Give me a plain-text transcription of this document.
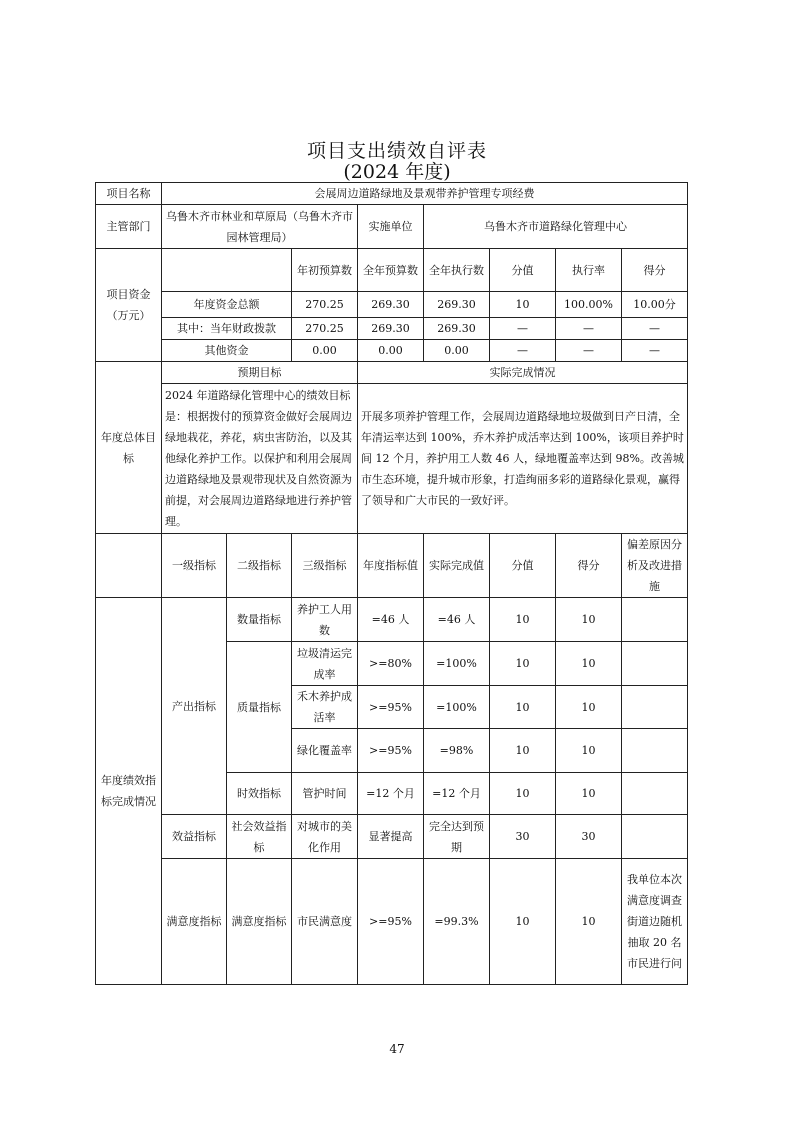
项目支出绩效自评表
(2024 年度)
项目名称	会展周边道路绿地及景观带养护管理专项经费							
主管部门	乌鲁木齐市林业和草原局（乌鲁木齐市园林管理局）			实施单位	乌鲁木齐市道路绿化管理中心			
项目资金（万元）			年初预算数	全年预算数	全年执行数	分值	执行率	得分
	年度资金总额		270.25	269.30	269.30	10	100.00%	10.00分
	其中：当年财政拨款		270.25	269.30	269.30	—	—	—
	其他资金		0.00	0.00	0.00	—	—	—
年度总体目标	预期目标			实际完成情况				
	2024 年道路绿化管理中心的绩效目标是：根据拨付的预算资金做好会展周边绿地栽花，养花，病虫害防治，以及其他绿化养护工作。以保护和利用会展周边道路绿地及景观带现状及自然资源为前提，对会展周边道路绿地进行养护管理。			开展多项养护管理工作，会展周边道路绿地垃圾做到日产日清，全年清运率达到 100%，乔木养护成活率达到 100%，该项目养护时间 12 个月，养护用工人数 46 人，绿地覆盖率达到 98%。改善城市生态环境，提升城市形象，打造绚丽多彩的道路绿化景观，赢得了领导和广大市民的一致好评。				
	一级指标	二级指标	三级指标	年度指标值	实际完成值	分值	得分	偏差原因分析及改进措施
年度绩效指标完成情况	产出指标	数量指标	养护工人用数	=46 人	=46 人	10	10	
		质量指标	垃圾清运完成率	>=80%	=100%	10	10	
			禾木养护成活率	>=95%	=100%	10	10	
			绿化覆盖率	>=95%	=98%	10	10	
		时效指标	管护时间	=12 个月	=12 个月	10	10	
	效益指标	社会效益指标	对城市的美化作用	显著提高	完全达到预期	30	30	
	满意度指标	满意度指标	市民满意度	>=95%	=99.3%	10	10	我单位本次满意度调查街道边随机抽取 20 名市民进行问
47
